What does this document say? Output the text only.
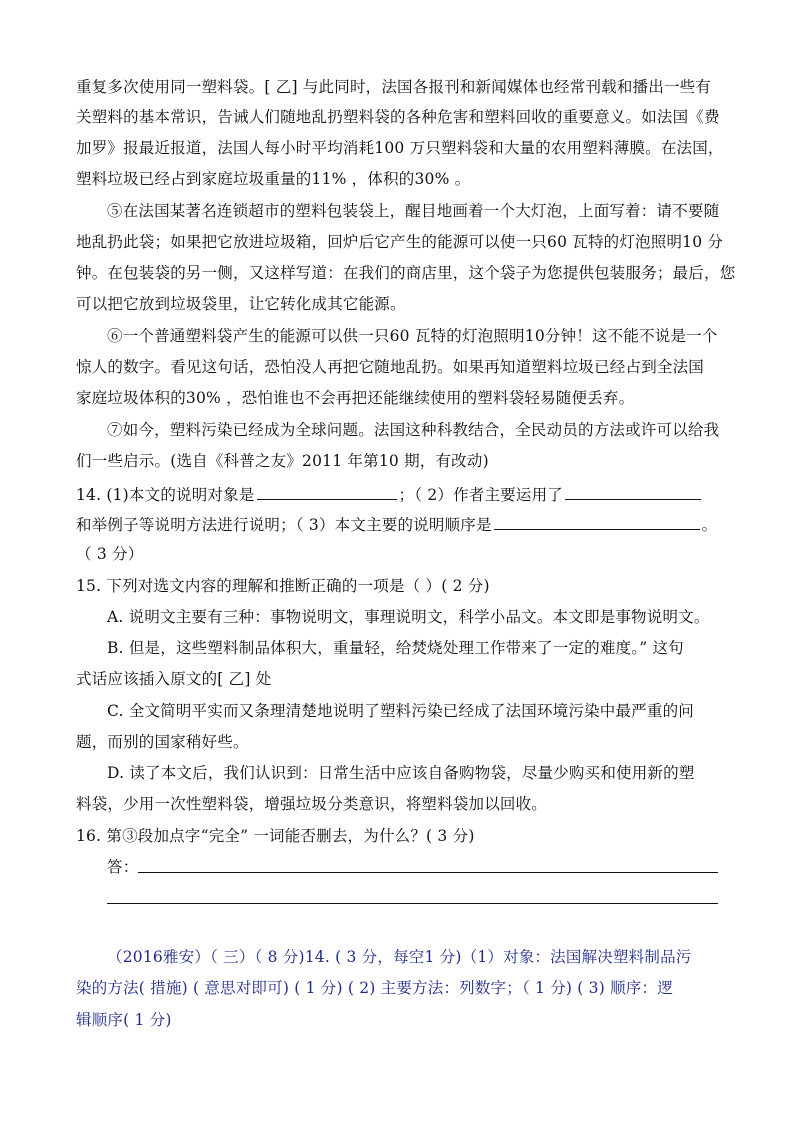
重复多次使用同一塑料袋。[ 乙] 与此同时，法国各报刊和新闻媒体也经常刊载和播出一些有
关塑料的基本常识，告诫人们随地乱扔塑料袋的各种危害和塑料回收的重要意义。如法国《费
加罗》报最近报道，法国人每小时平均消耗100 万只塑料袋和大量的农用塑料薄膜。在法国，
塑料垃圾已经占到家庭垃圾重量的11% ，体积的30% 。
⑤在法国某著名连锁超市的塑料包装袋上，醒目地画着一个大灯泡，上面写着：请不要随
地乱扔此袋；如果把它放进垃圾箱，回炉后它产生的能源可以使一只60 瓦特的灯泡照明10 分
钟。在包装袋的另一侧，又这样写道：在我们的商店里，这个袋子为您提供包装服务；最后，您
可以把它放到垃圾袋里，让它转化成其它能源。
⑥一个普通塑料袋产生的能源可以供一只60 瓦特的灯泡照明10分钟！这不能不说是一个
惊人的数字。看见这句话，恐怕没人再把它随地乱扔。如果再知道塑料垃圾已经占到全法国
家庭垃圾体积的30% ，恐怕谁也不会再把还能继续使用的塑料袋轻易随便丢弃。
⑦如今，塑料污染已经成为全球问题。法国这种科教结合，全民动员的方法或许可以给我
们一些启示。(选自《科普之友》2011 年第10 期，有改动)
14. (1)本文的说明对象是	；（ 2）作者主要运用了
和举例子等说明方法进行说明；（ 3）本文主要的说明顺序是	。
（ 3 分）
15. 下列对选文内容的理解和推断正确的一项是（ ）( 2 分)
A. 说明文主要有三种：事物说明文，事理说明文，科学小品文。本文即是事物说明文。
B. 但是，这些塑料制品体积大，重量轻，给焚烧处理工作带来了一定的难度。” 这句
式话应该插入原文的[ 乙] 处
C. 全文简明平实而又条理清楚地说明了塑料污染已经成了法国环境污染中最严重的问
题，而别的国家稍好些。
D. 读了本文后，我们认识到：日常生活中应该自备购物袋，尽量少购买和使用新的塑
料袋，少用一次性塑料袋，增强垃圾分类意识，将塑料袋加以回收。
16. 第③段加点字“完全” 一词能否删去，为什么？( 3 分)
答：
（2016雅安）（ 三）（ 8 分)14. ( 3 分，每空1 分)（1）对象：法国解决塑料制品污
染的方法( 措施) ( 意思对即可) ( 1 分) ( 2) 主要方法：列数字；（ 1 分) ( 3) 顺序：逻
辑顺序( 1 分)
